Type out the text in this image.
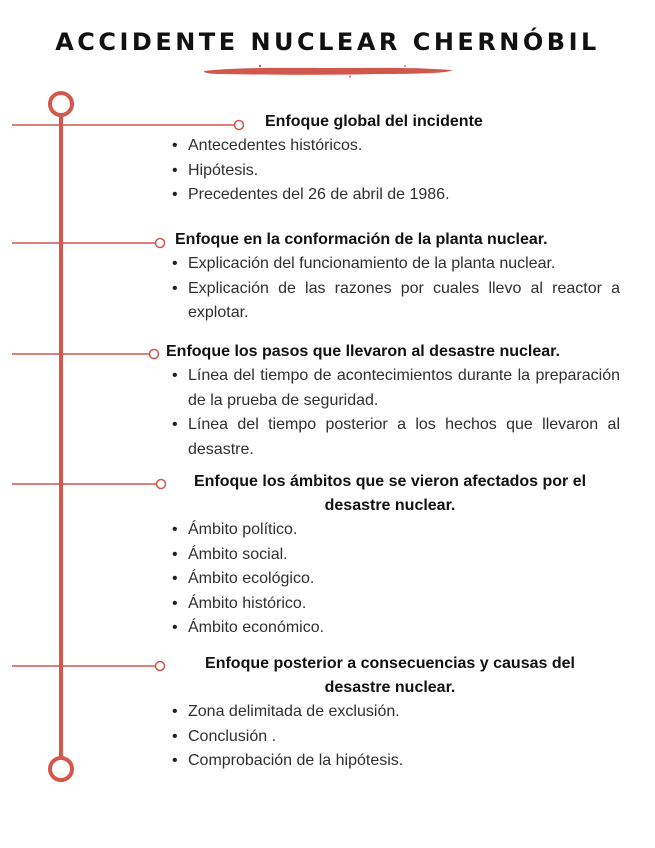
ACCIDENTE NUCLEAR CHERNÓBIL
Enfoque global del incidente
• Antecedentes históricos.
• Hipótesis.
• Precedentes del 26 de abril de 1986.
Enfoque en la conformación de la planta nuclear.
• Explicación del funcionamiento de la planta nuclear.
• Explicación de las razones por cuales llevo al reactor a explotar.
Enfoque los pasos que llevaron al desastre nuclear.
• Línea del tiempo de acontecimientos durante la preparación de la prueba de seguridad.
• Línea del tiempo posterior a los hechos que llevaron al desastre.
Enfoque los ámbitos que se vieron afectados por el desastre nuclear.
• Ámbito político.
• Ámbito social.
• Ámbito ecológico.
• Ámbito histórico.
• Ámbito económico.
Enfoque posterior a consecuencias y causas del desastre nuclear.
• Zona delimitada de exclusión.
• Conclusión .
• Comprobación de la hipótesis.
